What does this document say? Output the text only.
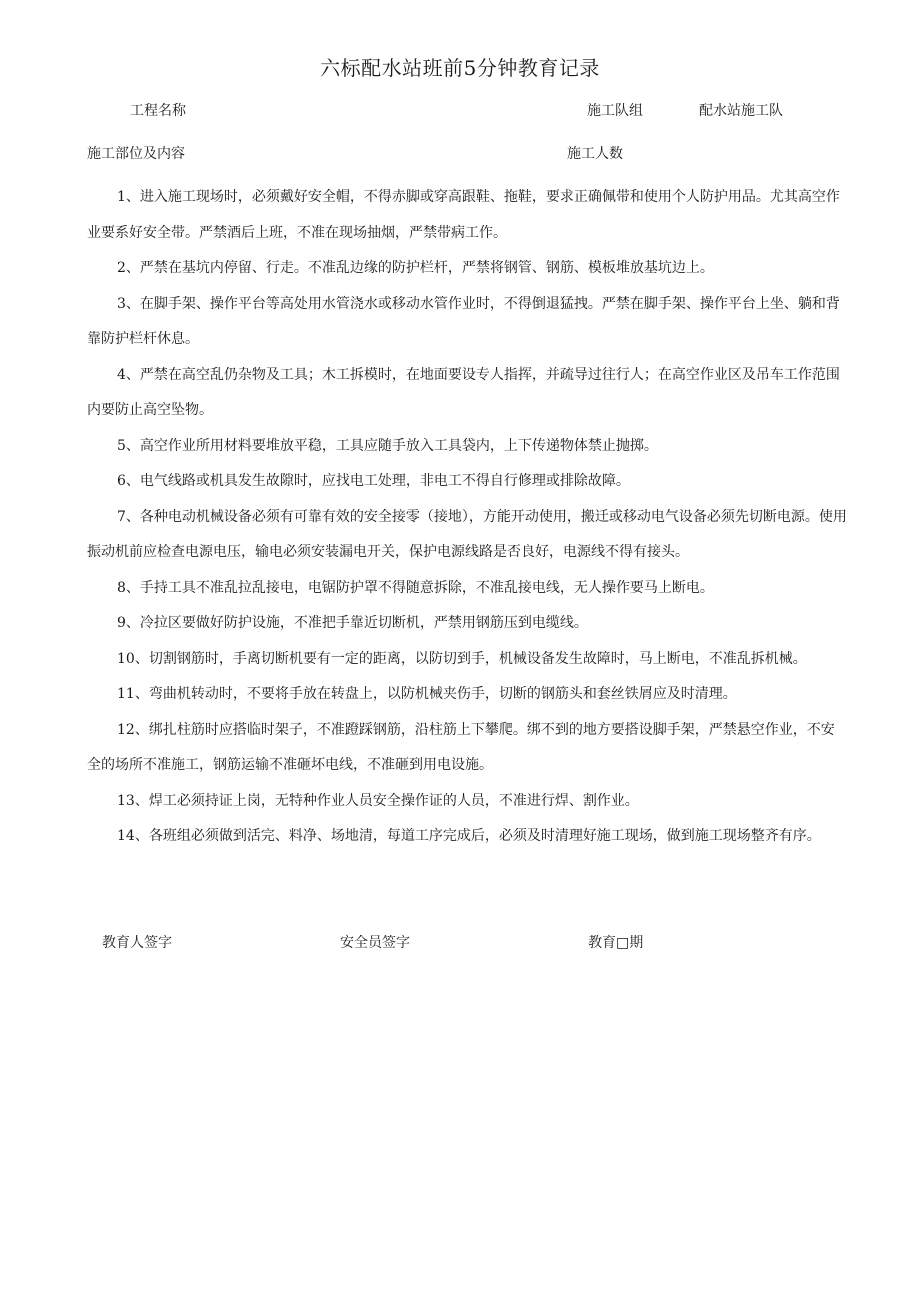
六标配水站班前5分钟教育记录
工程名称	施工队组	配水站施工队
施工部位及内容	施工人数

1、进入施工现场时，必须戴好安全帽，不得赤脚或穿高跟鞋、拖鞋，要求正确佩带和使用个人防护用品。尤其高空作业要系好安全带。严禁酒后上班，不准在现场抽烟，严禁带病工作。

2、严禁在基坑内停留、行走。不准乱边缘的防护栏杆，严禁将钢管、钢筋、模板堆放基坑边上。

3、在脚手架、操作平台等高处用水管浇水或移动水管作业时，不得倒退猛拽。严禁在脚手架、操作平台上坐、躺和背靠防护栏杆休息。

4、严禁在高空乱仍杂物及工具；木工拆模时，在地面要设专人指挥，并疏导过往行人；在高空作业区及吊车工作范围内要防止高空坠物。

5、高空作业所用材料要堆放平稳，工具应随手放入工具袋内，上下传递物体禁止抛掷。

6、电气线路或机具发生故隙时，应找电工处理，非电工不得自行修理或排除故障。

7、各种电动机械设备必须有可靠有效的安全接零（接地），方能开动使用，搬迁或移动电气设备必须先切断电源。使用振动机前应检查电源电压，输电必须安装漏电开关，保护电源线路是否良好，电源线不得有接头。

8、手持工具不准乱拉乱接电，电锯防护罩不得随意拆除，不准乱接电线，无人操作要马上断电。

9、冷拉区要做好防护设施，不准把手靠近切断机，严禁用钢筋压到电缆线。

10、切割钢筋时，手离切断机要有一定的距离，以防切到手，机械设备发生故障时，马上断电，不准乱拆机械。

11、弯曲机转动时，不要将手放在转盘上，以防机械夹伤手，切断的钢筋头和套丝铁屑应及时清理。

12、绑扎柱筋时应搭临时架子，不准蹬踩钢筋，沿柱筋上下攀爬。绑不到的地方要搭设脚手架，严禁悬空作业，不安全的场所不准施工，钢筋运输不准砸坏电线，不准砸到用电设施。

13、焊工必须持证上岗，无特种作业人员安全操作证的人员，不准进行焊、割作业。

14、各班组必须做到活完、料净、场地清，每道工序完成后，必须及时清理好施工现场，做到施工现场整齐有序。

教育人签字	安全员签字	教育□期
